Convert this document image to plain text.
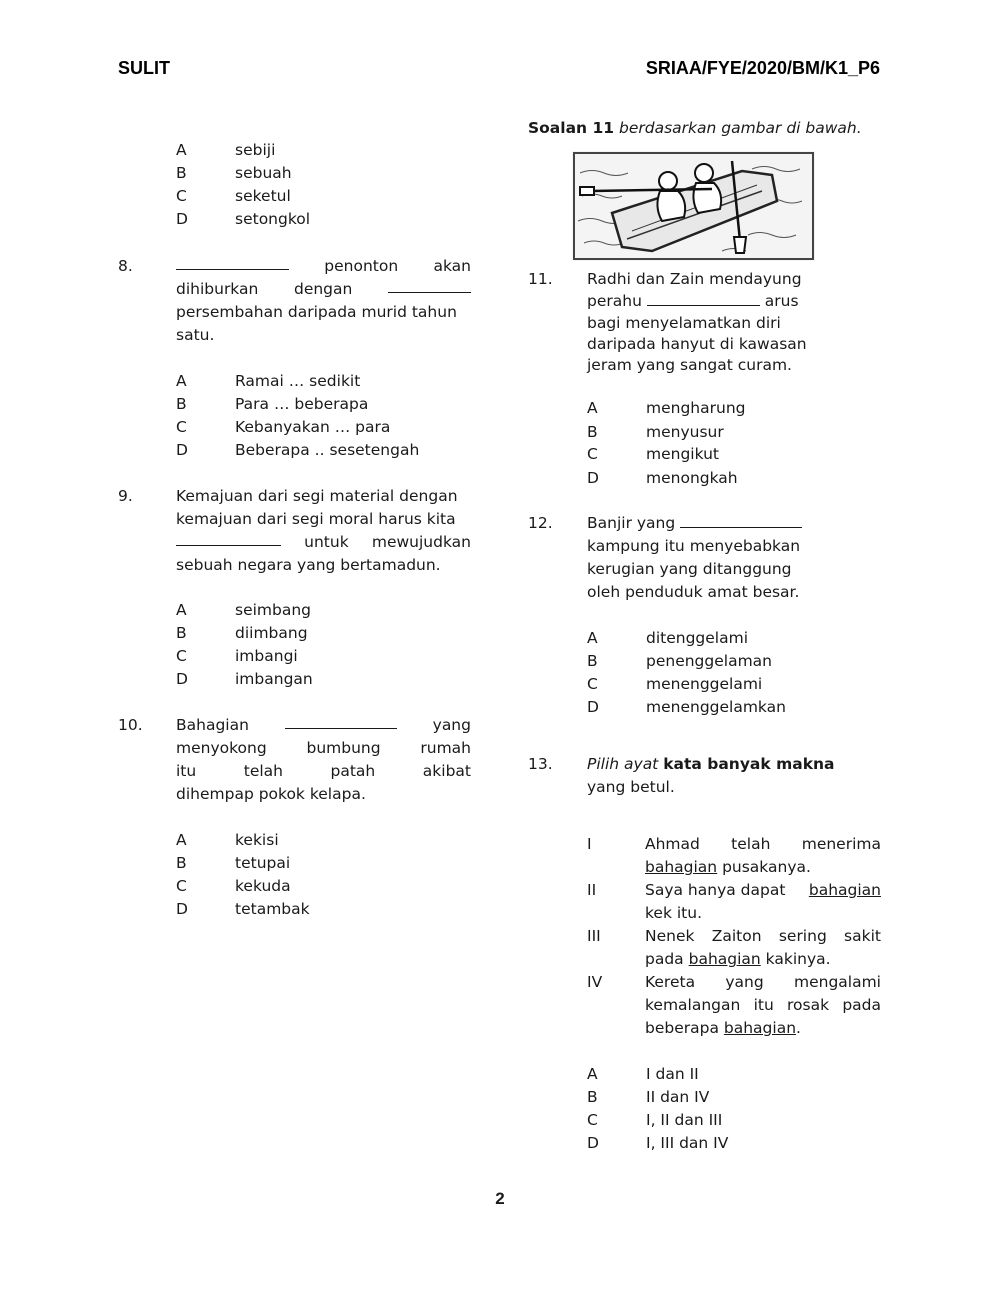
SULIT	SRIAA/FYE/2020/BM/K1_P6
A	sebiji
B	sebuah
C	seketul
D	setongkol
8.	penonton akan
dihiburkan dengan
persembahan daripada murid tahun
satu.
A	Ramai … sedikit
B	Para … beberapa
C	Kebanyakan … para
D	Beberapa .. sesetengah
9.	Kemajuan dari segi material dengan
kemajuan dari segi moral harus kita
untuk mewujudkan
sebuah negara yang bertamadun.
A	seimbang
B	diimbang
C	imbangi
D	imbangan
10. Bahagian	yang
menyokong bumbung rumah
itu telah patah akibat
dihempap pokok kelapa.
A	kekisi
B	tetupai
C	kekuda
D	tetambak
Soalan 11 berdasarkan gambar di bawah.
11. Radhi dan Zain mendayung
perahu	arus
bagi menyelamatkan diri
daripada hanyut di kawasan
jeram yang sangat curam.
A	mengharung
B	menyusur
C	mengikut
D	menongkah
12. Banjir yang
kampung itu menyebabkan
kerugian yang ditanggung
oleh penduduk amat besar.
A	ditenggelami
B	penenggelaman
C	menenggelami
D	menenggelamkan
13. Pilih ayat kata banyak makna
yang betul.
I	Ahmad telah menerima
bahagian pusakanya.
II	Saya hanya dapat bahagian
kek itu.
III	Nenek Zaiton sering sakit
pada bahagian kakinya.
IV	Kereta yang mengalami
kemalangan itu rosak pada
beberapa bahagian.
A	I dan II
B	II dan IV
C	I, II dan III
D	I, III dan IV
2
